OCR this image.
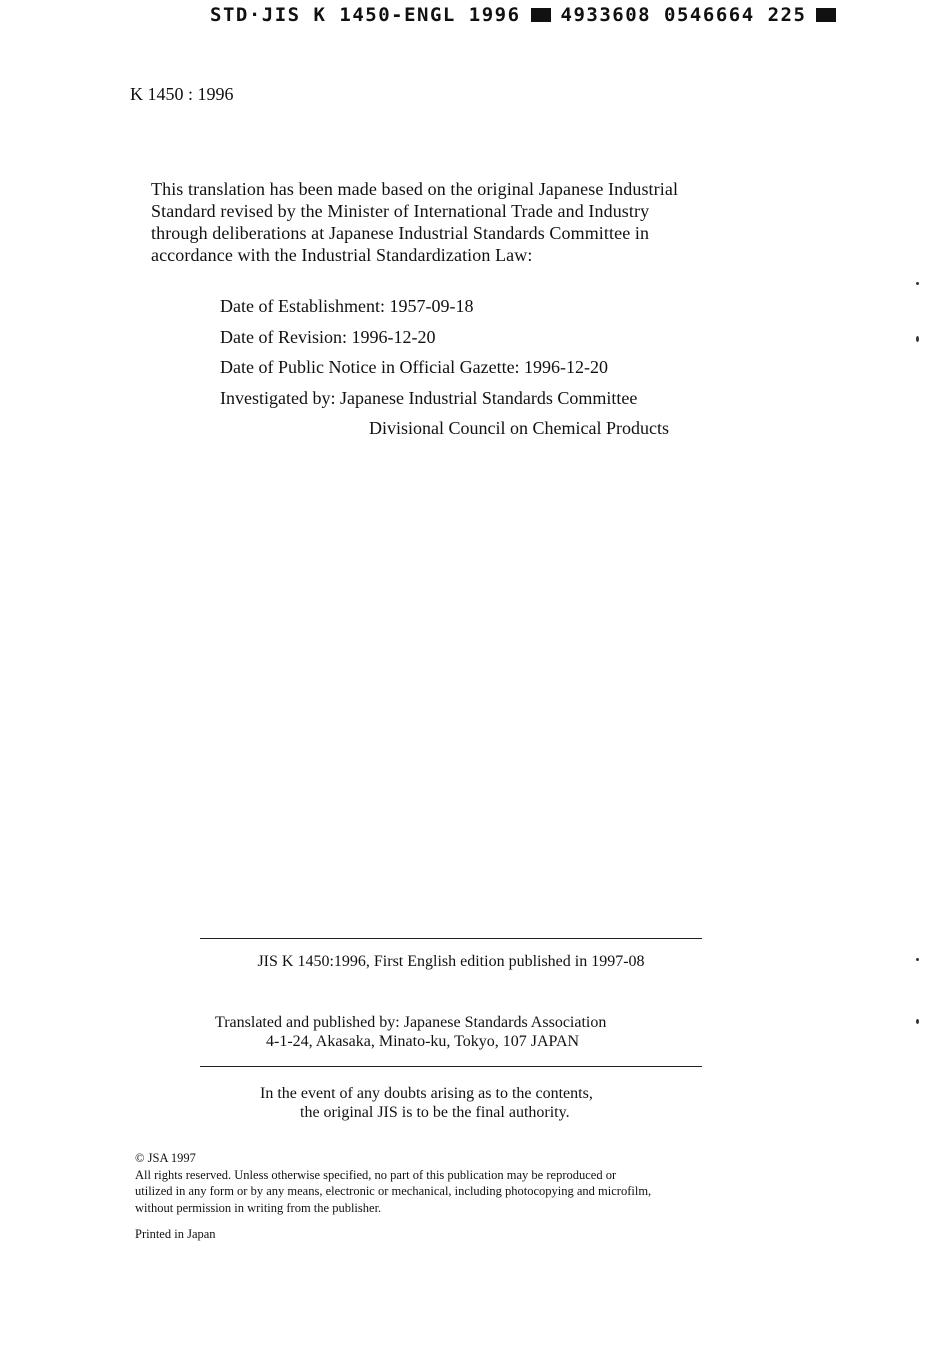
STD·JIS K 1450-ENGL 1996 4933608 0546664 225
K 1450 : 1996
This translation has been made based on the original Japanese Industrial
Standard revised by the Minister of International Trade and Industry
through deliberations at Japanese Industrial Standards Committee in
accordance with the Industrial Standardization Law:
Date of Establishment: 1957-09-18
Date of Revision: 1996-12-20
Date of Public Notice in Official Gazette: 1996-12-20
Investigated by: Japanese Industrial Standards Committee
Divisional Council on Chemical Products
JIS K 1450:1996, First English edition published in 1997-08
Translated and published by: Japanese Standards Association
4-1-24, Akasaka, Minato-ku, Tokyo, 107 JAPAN
In the event of any doubts arising as to the contents,
the original JIS is to be the final authority.
© JSA 1997
All rights reserved. Unless otherwise specified, no part of this publication may be reproduced or
utilized in any form or by any means, electronic or mechanical, including photocopying and microfilm,
without permission in writing from the publisher.
Printed in Japan
